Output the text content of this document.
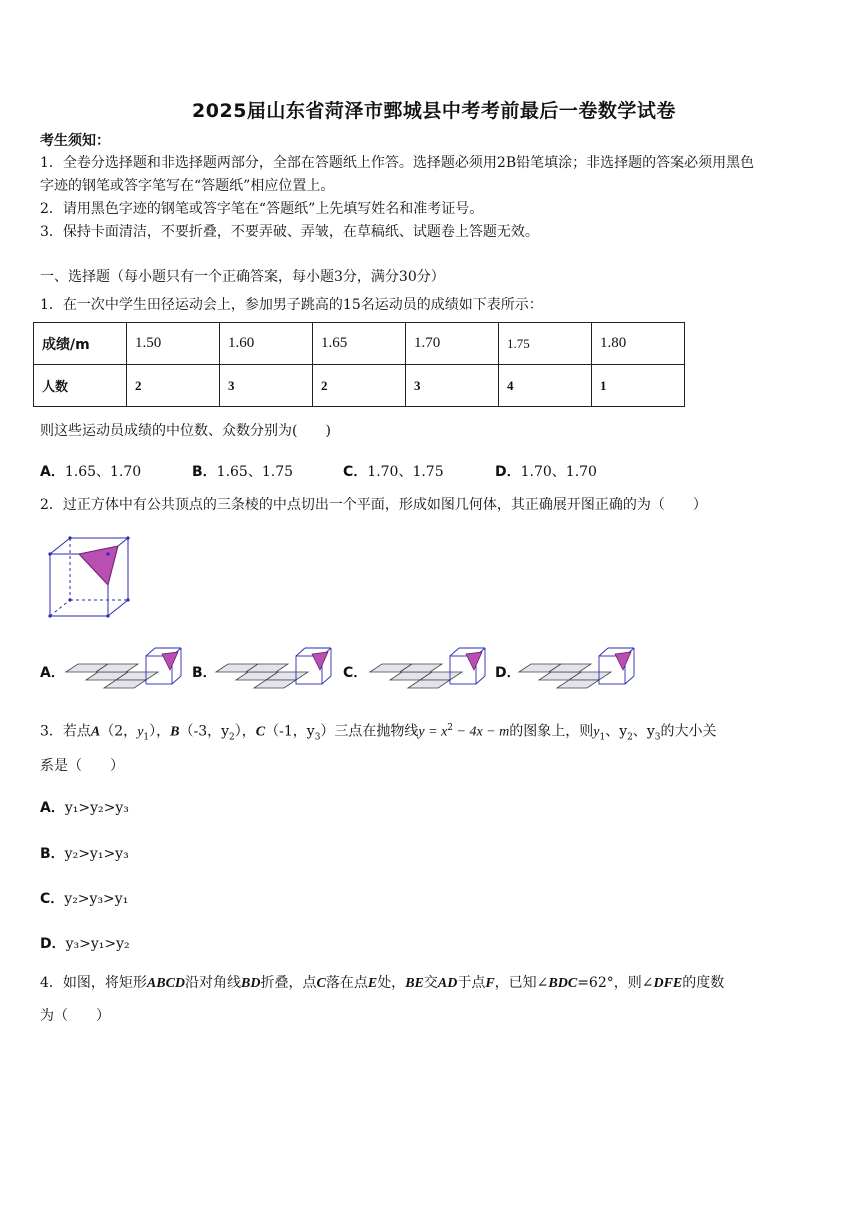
2025届山东省菏泽市鄄城县中考考前最后一卷数学试卷
考生须知：
1．全卷分选择题和非选择题两部分，全部在答题纸上作答。选择题必须用2B铅笔填涂；非选择题的答案必须用黑色
字迹的钢笔或答字笔写在“答题纸”相应位置上。
2．请用黑色字迹的钢笔或答字笔在“答题纸”上先填写姓名和准考证号。
3．保持卡面清洁，不要折叠，不要弄破、弄皱，在草稿纸、试题卷上答题无效。
一、选择题（每小题只有一个正确答案，每小题3分，满分30分）
1．在一次中学生田径运动会上，参加男子跳高的15名运动员的成绩如下表所示：
成绩/m	1.50	1.60	1.65	1.70	1.75	1.80
人数	2	3	2	3	4	1
则这些运动员成绩的中位数、众数分别为(　　)
A．1.65、1.70	B．1.65、1.75	C．1.70、1.75	D．1.70、1.70
2．过正方体中有公共顶点的三条棱的中点切出一个平面，形成如图几何体，其正确展开图正确的为（　　）
A．	B．	C．	D．
3．若点A（2，$y_1$），B（-3，$y_2$），C（-1，$y_3$）三点在抛物线$y = x^2 - 4x - m$的图象上，则$y_1$、$y_2$、$y_3$的大小关
系是（　　）
A．y₁>y₂>y₃
B．y₂>y₁>y₃
C．y₂>y₃>y₁
D．y₃>y₁>y₂
4．如图，将矩形ABCD沿对角线BD折叠，点C落在点E处，BE交AD于点F，已知∠BDC=62°，则∠DFE的度数
为（　　）
